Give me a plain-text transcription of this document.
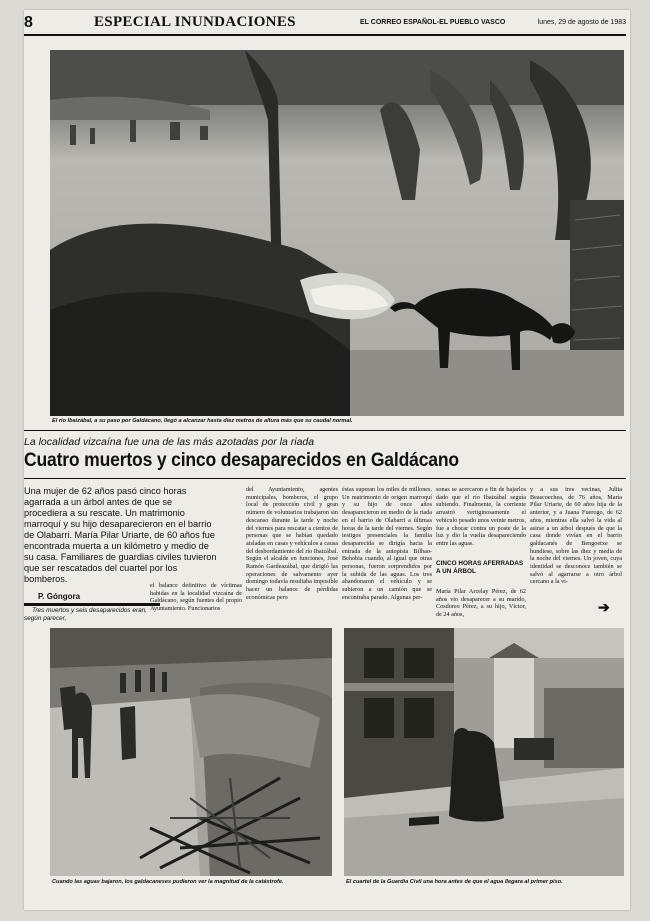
8	ESPECIAL INUNDACIONES	EL CORREO ESPAÑOL-EL PUEBLO VASCO	lunes, 29 de agosto de 1983
El río Ibaizábal, a su paso por Galdácano, llegó a alcanzar hasta diez metros de altura más que su caudal normal.
La localidad vizcaína fue una de las más azotadas por la riada
Cuatro muertos y cinco desaparecidos en Galdácano
Una mujer de 62 años pasó cinco horas agarrada a un árbol antes de que se procediera a su rescate. Un matrimonio marroquí y su hijo desaparecieron en el barrio de Olabarri. María Pilar Uriarte, de 60 años fue encontrada muerta a un kilómetro y medio de su casa. Familiares de guardias civiles tuvieron que ser rescatados del cuartel por los bomberos.
P. Góngora
Tres muertos y seis desaparecidos eran, según parecer,
el balance definitivo de víctimas habidas en la localidad vizcaína de Galdácano, según fuentes del propio Ayuntamiento. Funcionarios
del Ayuntamiento, agentes municipales, bomberos, el grupo local de protección civil y gran número de voluntarios trabajaron sin descanso durante la tarde y noche del viernes para rescatar a cientos de personas que se habían quedado aisladas en casas y vehículos a causa del desbordamiento del río Ibaizábal. Según el alcalde en funciones, José Ramón Gardeazábal, que dirigió las operaciones de salvamento ayer domingo todavía resultaba imposible hacer un balance de pérdidas económicas pero
éstas superan los miles de millones. Un matrimonio de origen marroquí y su hijo de once años desaparecieron en medio de la riada en el barrio de Olabarri a últimas horas de la tarde del viernes. Según testigos presenciales la familia desaparecida se dirigía hacia la entrada de la autopista Bilbao-Behobia cuando, al igual que otras personas, fueron sorprendidos por la subida de las aguas. Los tres abandonaron el vehículo y se subieron a un camión que se encontraba parado. Algunas per-
sonas se acercaron a fin de bajarlos dado que el río Ibaizábal seguía subiendo. Finalmente, la corriente arrastró vertiginosamente el vehículo pesado unos veinte metros, fue a chocar contra un poste de la luz y dio la vuelta desapareciendo entre las aguas.
CINCO HORAS AFERRADAS A UN ÁRBOL
María Pilar Arcelay Pérez, de 62 años vio desaparecer a su marido, Cosdoreo Pérez, a su hijo, Víctor, de 24 años,
y a sus tres vecinas, Julita Beascoechea, de 76 años, María Pilar Uriarte, de 60 años hija de la anterior, y a Juana Fuerogo, de 62 años, mientras ella salvó la vida al asirse a un árbol después de que la casa donde vivían en el barrio galdacanés de Bengoetxe se hundiese, sobre las diez y media de la noche del viernes. Un joven, cuya identidad se desconoce también se salvó al agarrarse a otro árbol cercano a la vi-
➔
Cuando las aguas bajaron, los galdacaneses pudieron ver la magnitud de la catástrofe.	El cuartel de la Guardia Civil una hora antes de que el agua llegara al primer piso.
